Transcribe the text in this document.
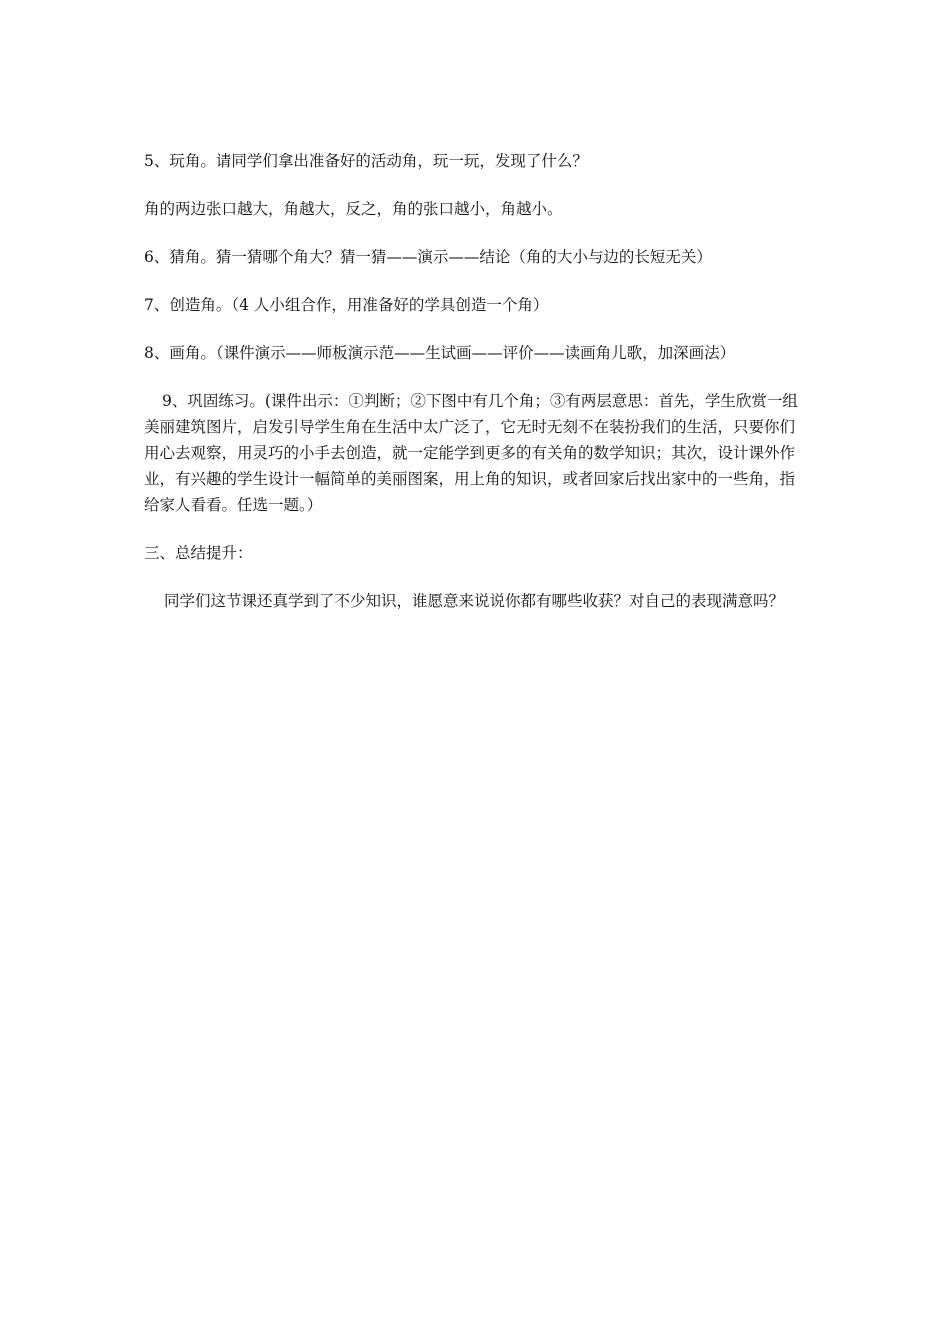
5、玩角。请同学们拿出准备好的活动角，玩一玩，发现了什么？

角的两边张口越大，角越大，反之，角的张口越小，角越小。

6、猜角。猜一猜哪个角大？猜一猜——演示——结论（角的大小与边的长短无关）

7、创造角。（4 人小组合作，用准备好的学具创造一个角）

8、画角。（课件演示——师板演示范——生试画——评价——读画角儿歌，加深画法）

9、巩固练习。(课件出示：①判断；②下图中有几个角；③有两层意思：首先，学生欣赏一组美丽建筑图片，启发引导学生角在生活中太广泛了，它无时无刻不在装扮我们的生活，只要你们用心去观察，用灵巧的小手去创造，就一定能学到更多的有关角的数学知识；其次，设计课外作业，有兴趣的学生设计一幅简单的美丽图案，用上角的知识，或者回家后找出家中的一些角，指给家人看看。任选一题。）

三、总结提升：

同学们这节课还真学到了不少知识，谁愿意来说说你都有哪些收获？对自己的表现满意吗？
